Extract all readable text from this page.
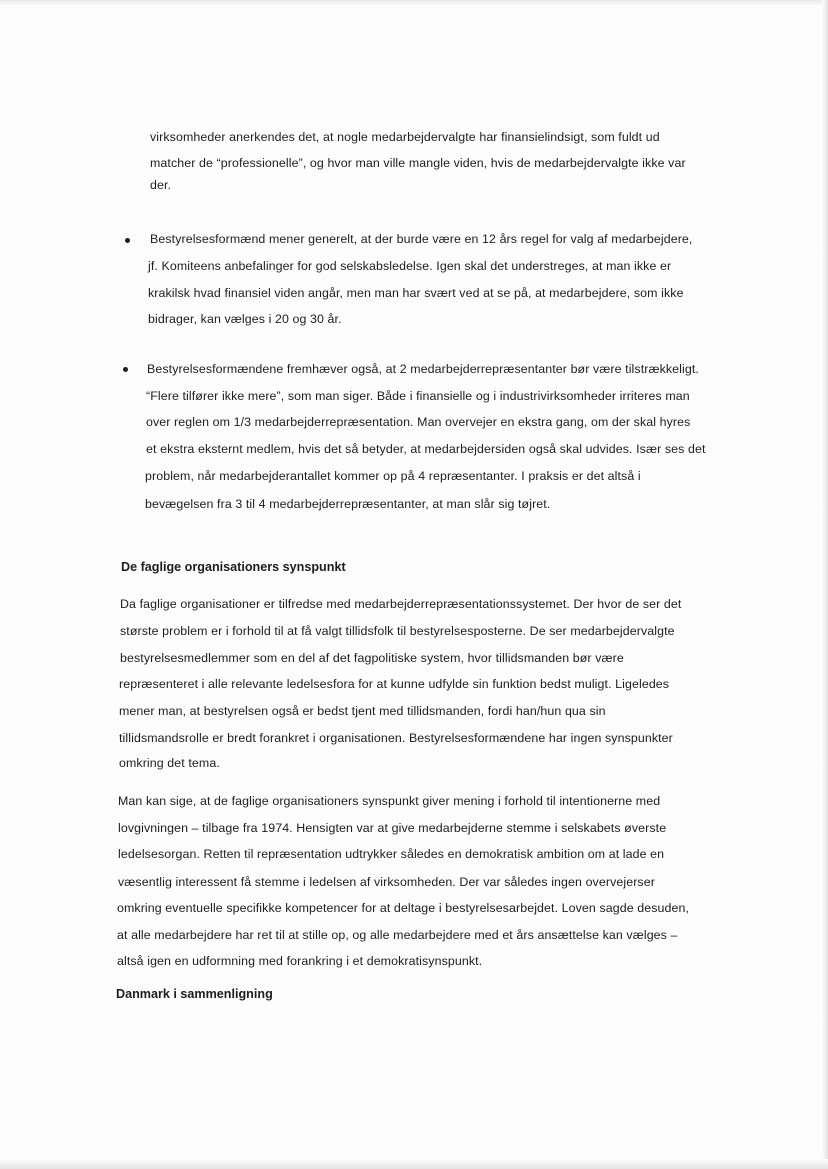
virksomheder anerkendes det, at nogle medarbejdervalgte har finansielindsigt, som fuldt ud
matcher de “professionelle”, og hvor man ville mangle viden, hvis de medarbejdervalgte ikke var
der.
Bestyrelsesformænd mener generelt, at der burde være en 12 års regel for valg af medarbejdere,
jf. Komiteens anbefalinger for god selskabsledelse. Igen skal det understreges, at man ikke er
krakilsk hvad finansiel viden angår, men man har svært ved at se på, at medarbejdere, som ikke
bidrager, kan vælges i 20 og 30 år.
Bestyrelsesformændene fremhæver også, at 2 medarbejderrepræsentanter bør være tilstrækkeligt.
“Flere tilfører ikke mere”, som man siger. Både i finansielle og i industrivirksomheder irriteres man
over reglen om 1/3 medarbejderrepræsentation. Man overvejer en ekstra gang, om der skal hyres
et ekstra eksternt medlem, hvis det så betyder, at medarbejdersiden også skal udvides. Især ses det
problem, når medarbejderantallet kommer op på 4 repræsentanter. I praksis er det altså i
bevægelsen fra 3 til 4 medarbejderrepræsentanter, at man slår sig tøjret.
De faglige organisationers synspunkt
Da faglige organisationer er tilfredse med medarbejderrepræsentationssystemet. Der hvor de ser det
største problem er i forhold til at få valgt tillidsfolk til bestyrelsesposterne. De ser medarbejdervalgte
bestyrelsesmedlemmer som en del af det fagpolitiske system, hvor tillidsmanden bør være
repræsenteret i alle relevante ledelsesfora for at kunne udfylde sin funktion bedst muligt. Ligeledes
mener man, at bestyrelsen også er bedst tjent med tillidsmanden, fordi han/hun qua sin
tillidsmandsrolle er bredt forankret i organisationen. Bestyrelsesformændene har ingen synspunkter
omkring det tema.
Man kan sige, at de faglige organisationers synspunkt giver mening i forhold til intentionerne med
lovgivningen – tilbage fra 1974. Hensigten var at give medarbejderne stemme i selskabets øverste
ledelsesorgan. Retten til repræsentation udtrykker således en demokratisk ambition om at lade en
væsentlig interessent få stemme i ledelsen af virksomheden. Der var således ingen overvejerser
omkring eventuelle specifikke kompetencer for at deltage i bestyrelsesarbejdet. Loven sagde desuden,
at alle medarbejdere har ret til at stille op, og alle medarbejdere med et års ansættelse kan vælges –
altså igen en udformning med forankring i et demokratisynspunkt.
Danmark i sammenligning
